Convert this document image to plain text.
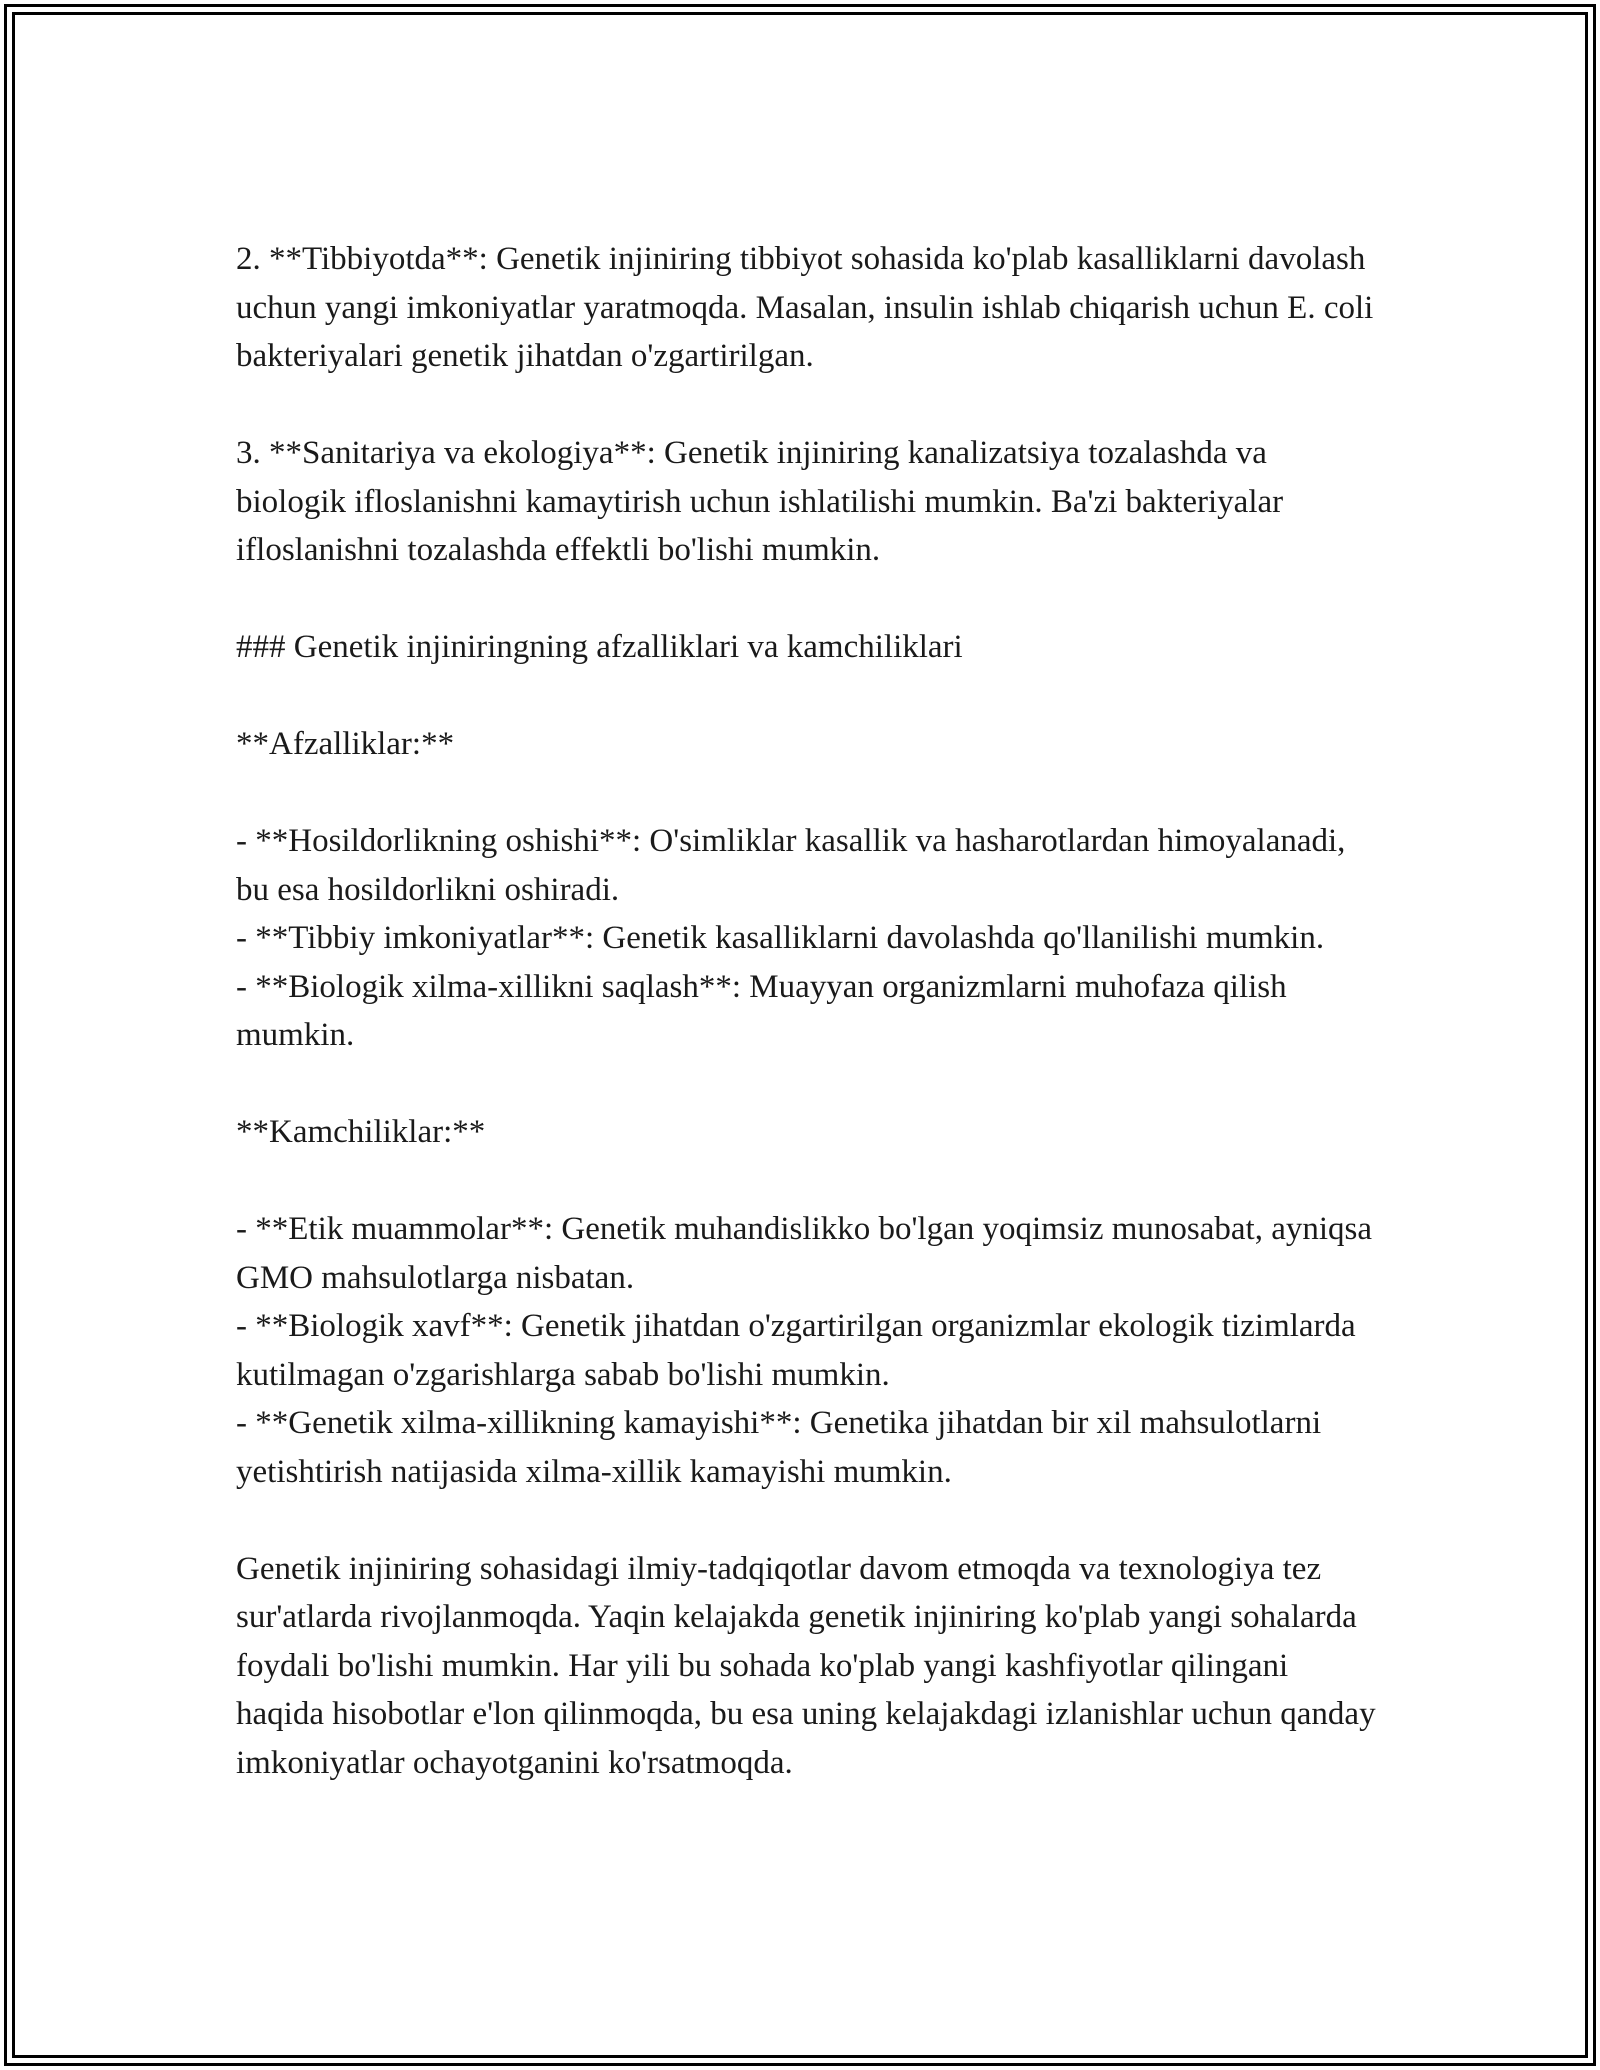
2. **Tibbiyotda**: Genetik injiniring tibbiyot sohasida ko'plab kasalliklarni davolash uchun yangi imkoniyatlar yaratmoqda. Masalan, insulin ishlab chiqarish uchun E. coli bakteriyalari genetik jihatdan o'zgartirilgan.

3. **Sanitariya va ekologiya**: Genetik injiniring kanalizatsiya tozalashda va biologik ifloslanishni kamaytirish uchun ishlatilishi mumkin. Ba'zi bakteriyalar ifloslanishni tozalashda effektli bo'lishi mumkin.

### Genetik injiniringning afzalliklari va kamchiliklari

**Afzalliklar:**

- **Hosildorlikning oshishi**: O'simliklar kasallik va hasharotlardan himoyalanadi, bu esa hosildorlikni oshiradi.

- **Tibbiy imkoniyatlar**: Genetik kasalliklarni davolashda qo'llanilishi mumkin.

- **Biologik xilma-xillikni saqlash**: Muayyan organizmlarni muhofaza qilish mumkin.

**Kamchiliklar:**

- **Etik muammolar**: Genetik muhandislikko bo'lgan yoqimsiz munosabat, ayniqsa GMO mahsulotlarga nisbatan.

- **Biologik xavf**: Genetik jihatdan o'zgartirilgan organizmlar ekologik tizimlarda kutilmagan o'zgarishlarga sabab bo'lishi mumkin.

- **Genetik xilma-xillikning kamayishi**: Genetika jihatdan bir xil mahsulotlarni yetishtirish natijasida xilma-xillik kamayishi mumkin.

Genetik injiniring sohasidagi ilmiy-tadqiqotlar davom etmoqda va texnologiya tez sur'atlarda rivojlanmoqda. Yaqin kelajakda genetik injiniring ko'plab yangi sohalarda foydali bo'lishi mumkin. Har yili bu sohada ko'plab yangi kashfiyotlar qilingani haqida hisobotlar e'lon qilinmoqda, bu esa uning kelajakdagi izlanishlar uchun qanday imkoniyatlar ochayotganini ko'rsatmoqda.
